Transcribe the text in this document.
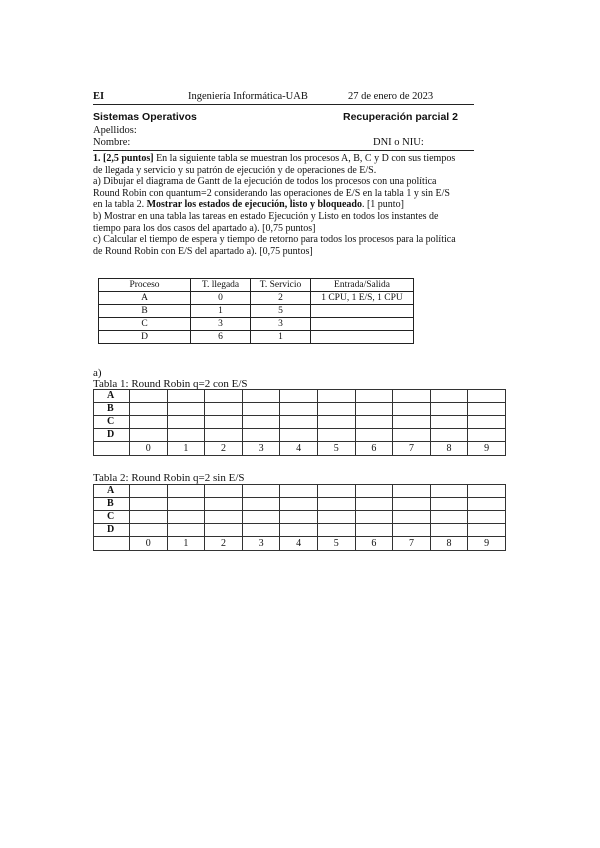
EI	Ingeniería Informática-UAB	27 de enero de 2023
Sistemas Operativos	Recuperación parcial 2
Apellidos:
Nombre:	DNI o NIU:

1. [2,5 puntos] En la siguiente tabla se muestran los procesos A, B, C y D con sus tiempos

de llegada y servicio y su patrón de ejecución y de operaciones de E/S.

a) Dibujar el diagrama de Gantt de la ejecución de todos los procesos con una política

Round Robin con quantum=2 considerando las operaciones de E/S en la tabla 1 y sin E/S

en la tabla 2. Mostrar los estados de ejecución, listo y bloqueado. [1 punto]

b) Mostrar en una tabla las tareas en estado Ejecución y Listo en todos los instantes de

tiempo para los dos casos del apartado a). [0,75 puntos]

c) Calcular el tiempo de espera y tiempo de retorno para todos los procesos para la política

de Round Robin con E/S del apartado a). [0,75 puntos]

Proceso	T. llegada	T. Servicio	Entrada/Salida
A	0	2	1 CPU, 1 E/S, 1 CPU
B	1	5	
C	3	3	
D	6	1	
a)
Tabla 1: Round Robin q=2 con E/S
A										
B										
C										
D										
	0	1	2	3	4	5	6	7	8	9
Tabla 2: Round Robin q=2 sin E/S
A										
B										
C										
D										
	0	1	2	3	4	5	6	7	8	9
